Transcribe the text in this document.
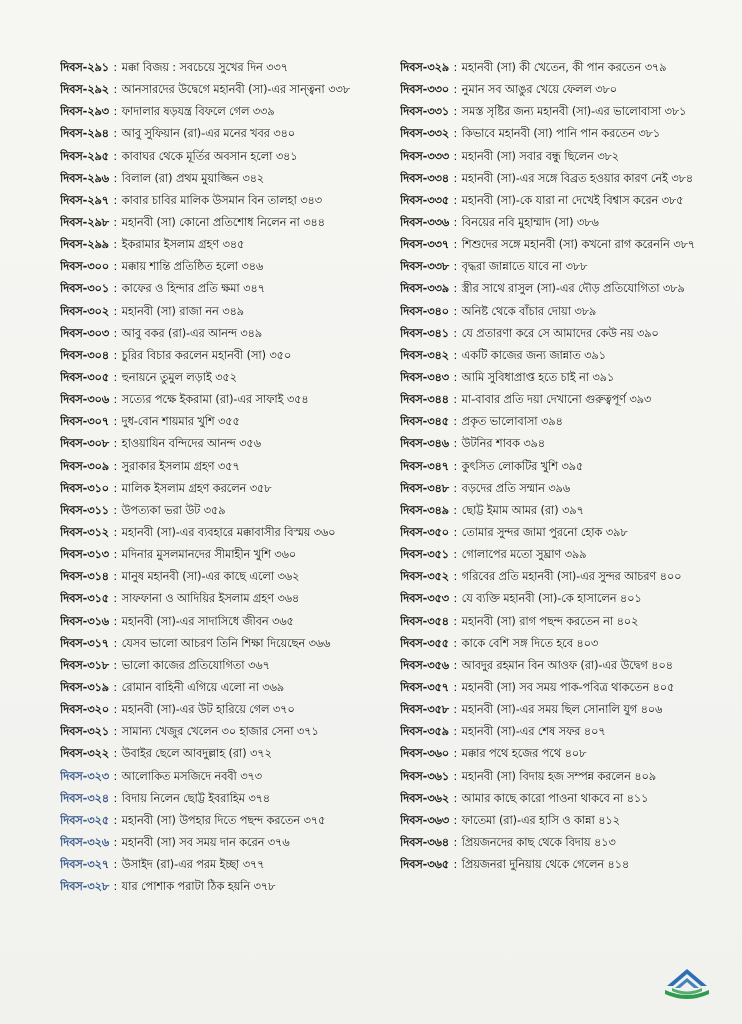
দিবস-২৯১ : মক্কা বিজয় : সবচেয়ে সুখের দিন ৩৩৭
দিবস-২৯২ : আনসারদের উদ্বেগে মহানবী (সা)-এর সান্ত্বনা ৩৩৮
দিবস-২৯৩ : ফাদালার ষড়যন্ত্র বিফলে গেল ৩৩৯
দিবস-২৯৪ : আবু সুফিয়ান (রা)-এর মনের খবর ৩৪০
দিবস-২৯৫ : কাবাঘর থেকে মূর্তির অবসান হলো ৩৪১
দিবস-২৯৬ : বিলাল (রা) প্রথম মুয়াজ্জিন ৩৪২
দিবস-২৯৭ : কাবার চাবির মালিক উসমান বিন তালহা ৩৪৩
দিবস-২৯৮ : মহানবী (সা) কোনো প্রতিশোধ নিলেন না ৩৪৪
দিবস-২৯৯ : ইকরামার ইসলাম গ্রহণ ৩৪৫
দিবস-৩০০ : মক্কায় শান্তি প্রতিষ্ঠিত হলো ৩৪৬
দিবস-৩০১ : কাফের ও হিন্দার প্রতি ক্ষমা ৩৪৭
দিবস-৩০২ : মহানবী (সা) রাজা নন ৩৪৯
দিবস-৩০৩ : আবু বকর (রা)-এর আনন্দ ৩৪৯
দিবস-৩০৪ : চুরির বিচার করলেন মহানবী (সা) ৩৫০
দিবস-৩০৫ : হুনায়নে তুমুল লড়াই ৩৫২
দিবস-৩০৬ : সত্যের পক্ষে ইকরামা (রা)-এর সাফাই ৩৫৪
দিবস-৩০৭ : দুধ-বোন শায়মার খুশি ৩৫৫
দিবস-৩০৮ : হাওয়াযিন বন্দিদের আনন্দ ৩৫৬
দিবস-৩০৯ : সুরাকার ইসলাম গ্রহণ ৩৫৭
দিবস-৩১০ : মালিক ইসলাম গ্রহণ করলেন ৩৫৮
দিবস-৩১১ : উপত্যকা ভরা উট ৩৫৯
দিবস-৩১২ : মহানবী (সা)-এর ব্যবহারে মক্কাবাসীর বিস্ময় ৩৬০
দিবস-৩১৩ : মদিনার মুসলমানদের সীমাহীন খুশি ৩৬০
দিবস-৩১৪ : মানুষ মহানবী (সা)-এর কাছে এলো ৩৬২
দিবস-৩১৫ : সাফফানা ও আদিয়ির ইসলাম গ্রহণ ৩৬৪
দিবস-৩১৬ : মহানবী (সা)-এর সাদাসিধে জীবন ৩৬৫
দিবস-৩১৭ : যেসব ভালো আচরণ তিনি শিক্ষা দিয়েছেন ৩৬৬
দিবস-৩১৮ : ভালো কাজের প্রতিযোগিতা ৩৬৭
দিবস-৩১৯ : রোমান বাহিনী এগিয়ে এলো না ৩৬৯
দিবস-৩২০ : মহানবী (সা)-এর উট হারিয়ে গেল ৩৭০
দিবস-৩২১ : সামান্য খেজুর খেলেন ৩০ হাজার সেনা ৩৭১
দিবস-৩২২ : উবাইর ছেলে আবদুল্লাহ (রা) ৩৭২
দিবস-৩২৩ : আলোকিত মসজিদে নববী ৩৭৩
দিবস-৩২৪ : বিদায় নিলেন ছোট্ট ইবরাহিম ৩৭৪
দিবস-৩২৫ : মহানবী (সা) উপহার দিতে পছন্দ করতেন ৩৭৫
দিবস-৩২৬ : মহানবী (সা) সব সময় দান করেন ৩৭৬
দিবস-৩২৭ : উসাইদ (রা)-এর পরম ইচ্ছা ৩৭৭
দিবস-৩২৮ : যার পোশাক পরাটা ঠিক হয়নি ৩৭৮
দিবস-৩২৯ : মহানবী (সা) কী খেতেন, কী পান করতেন ৩৭৯
দিবস-৩৩০ : নুমান সব আঙুর খেয়ে ফেলল ৩৮০
দিবস-৩৩১ : সমস্ত সৃষ্টির জন্য মহানবী (সা)-এর ভালোবাসা ৩৮১
দিবস-৩৩২ : কিভাবে মহানবী (সা) পানি পান করতেন ৩৮১
দিবস-৩৩৩ : মহানবী (সা) সবার বন্ধু ছিলেন ৩৮২
দিবস-৩৩৪ : মহানবী (সা)-এর সঙ্গে বিব্রত হওয়ার কারণ নেই ৩৮৪
দিবস-৩৩৫ : মহানবী (সা)-কে যারা না দেখেই বিশ্বাস করেন ৩৮৫
দিবস-৩৩৬ : বিনয়ের নবি মুহাম্মাদ (সা) ৩৮৬
দিবস-৩৩৭ : শিশুদের সঙ্গে মহানবী (সা) কখনো রাগ করেননি ৩৮৭
দিবস-৩৩৮ : বৃদ্ধরা জান্নাতে যাবে না ৩৮৮
দিবস-৩৩৯ : স্ত্রীর সাথে রাসুল (সা)-এর দৌড় প্রতিযোগিতা ৩৮৯
দিবস-৩৪০ : অনিষ্ট থেকে বাঁচার দোয়া ৩৮৯
দিবস-৩৪১ : যে প্রতারণা করে সে আমাদের কেউ নয় ৩৯০
দিবস-৩৪২ : একটি কাজের জন্য জান্নাত ৩৯১
দিবস-৩৪৩ : আমি সুবিধাপ্রাপ্ত হতে চাই না ৩৯১
দিবস-৩৪৪ : মা-বাবার প্রতি দয়া দেখানো গুরুত্বপূর্ণ ৩৯৩
দিবস-৩৪৫ : প্রকৃত ভালোবাসা ৩৯৪
দিবস-৩৪৬ : উটনির শাবক ৩৯৪
দিবস-৩৪৭ : কুৎসিত লোকটির খুশি ৩৯৫
দিবস-৩৪৮ : বড়দের প্রতি সম্মান ৩৯৬
দিবস-৩৪৯ : ছোট্ট ইমাম আমর (রা) ৩৯৭
দিবস-৩৫০ : তোমার সুন্দর জামা পুরনো হোক ৩৯৮
দিবস-৩৫১ : গোলাপের মতো সুঘ্রাণ ৩৯৯
দিবস-৩৫২ : গরিবের প্রতি মহানবী (সা)-এর সুন্দর আচরণ ৪০০
দিবস-৩৫৩ : যে ব্যক্তি মহানবী (সা)-কে হাসালেন ৪০১
দিবস-৩৫৪ : মহানবী (সা) রাগ পছন্দ করতেন না ৪০২
দিবস-৩৫৫ : কাকে বেশি সঙ্গ দিতে হবে ৪০৩
দিবস-৩৫৬ : আবদুর রহমান বিন আওফ (রা)-এর উদ্বেগ ৪০৪
দিবস-৩৫৭ : মহানবী (সা) সব সময় পাক-পবিত্র থাকতেন ৪০৫
দিবস-৩৫৮ : মহানবী (সা)-এর সময় ছিল সোনালি যুগ ৪০৬
দিবস-৩৫৯ : মহানবী (সা)-এর শেষ সফর ৪০৭
দিবস-৩৬০ : মক্কার পথে হজের পথে ৪০৮
দিবস-৩৬১ : মহানবী (সা) বিদায় হজ সম্পন্ন করলেন ৪০৯
দিবস-৩৬২ : আমার কাছে কারো পাওনা থাকবে না ৪১১
দিবস-৩৬৩ : ফাতেমা (রা)-এর হাসি ও কান্না ৪১২
দিবস-৩৬৪ : প্রিয়জনদের কাছ থেকে বিদায় ৪১৩
দিবস-৩৬৫ : প্রিয়জনরা দুনিয়ায় থেকে গেলেন ৪১৪
